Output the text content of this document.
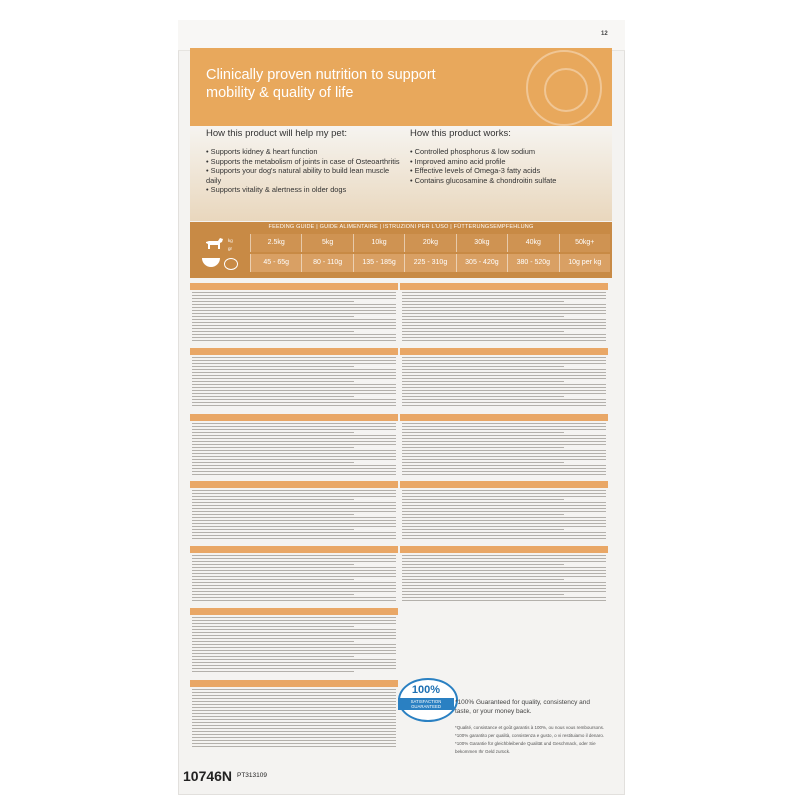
12
Clinically proven nutrition to support mobility & quality of life
How this product will help my pet:
• Supports kidney & heart function
• Supports the metabolism of joints in case of Osteoarthritis
• Supports your dog's natural ability to build lean muscle daily
• Supports vitality & alertness in older dogs
How this product works:
• Controlled phosphorus & low sodium
• Improved amino acid profile
• Effective levels of Omega-3 fatty acids
• Contains glucosamine & chondroitin sulfate
FEEDING GUIDE | GUIDE ALIMENTAIRE | ISTRUZIONI PER L'USO | FÜTTERUNGSEMPFEHLUNG
kg
gr
2.5kg	5kg	10kg	20kg	30kg	40kg	50kg+
45 - 65g	80 - 110g	135 - 185g	225 - 310g	305 - 420g	380 - 520g	10g per kg
100%
SATISFACTION GUARANTEED
*100% Guaranteed for quality, consistency and taste, or your money back.
*Qualité, consistance et goût garantis à 100%, ou nous vous remboursons.
*100% garantito per qualità, consistenza e gusto, o vi restituiamo il denaro.
*100% Garantie für gleichbleibende Qualität und Geschmack, oder Sie bekommen Ihr Geld zurück.
10746N PT313109
